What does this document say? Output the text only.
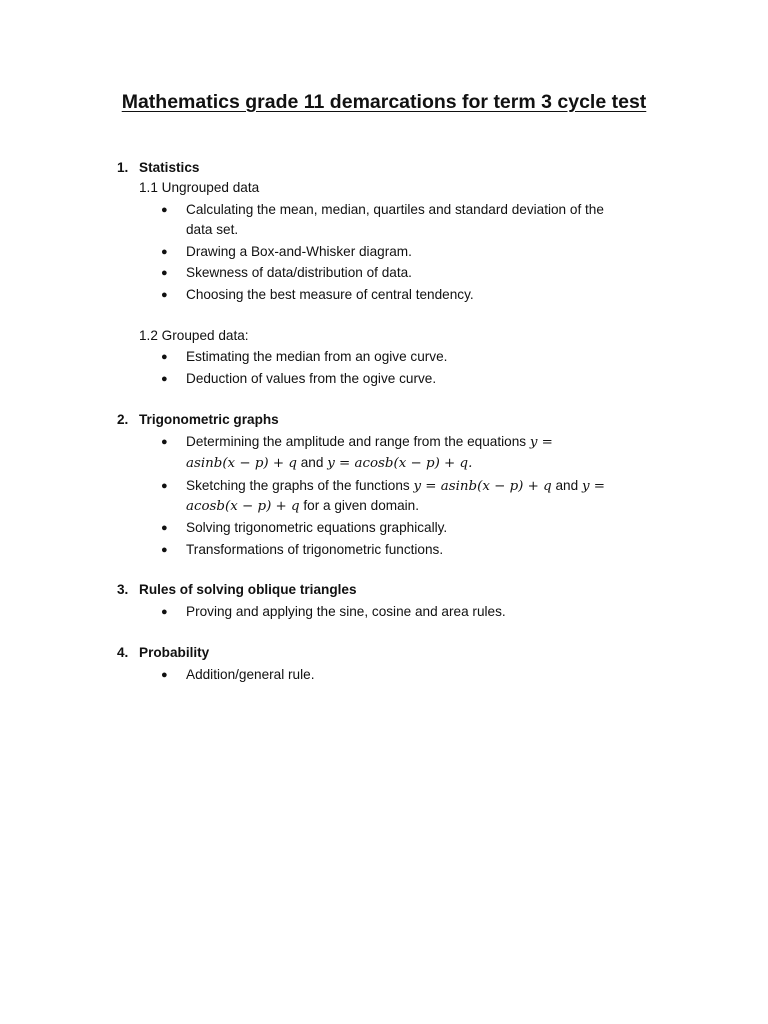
Mathematics grade 11 demarcations for term 3 cycle test
1. Statistics
1.1 Ungrouped data
● Calculating the mean, median, quartiles and standard deviation of the
data set.
● Drawing a Box-and-Whisker diagram.
● Skewness of data/distribution of data.
● Choosing the best measure of central tendency.
1.2 Grouped data:
● Estimating the median from an ogive curve.
● Deduction of values from the ogive curve.
2. Trigonometric graphs
● Determining the amplitude and range from the equations y =
asinb(x − p) + q and y = acosb(x − p) + q.
● Sketching the graphs of the functions y = asinb(x − p) + q and y =
acosb(x − p) + q for a given domain.
● Solving trigonometric equations graphically.
● Transformations of trigonometric functions.
3. Rules of solving oblique triangles
● Proving and applying the sine, cosine and area rules.
4. Probability
● Addition/general rule.
